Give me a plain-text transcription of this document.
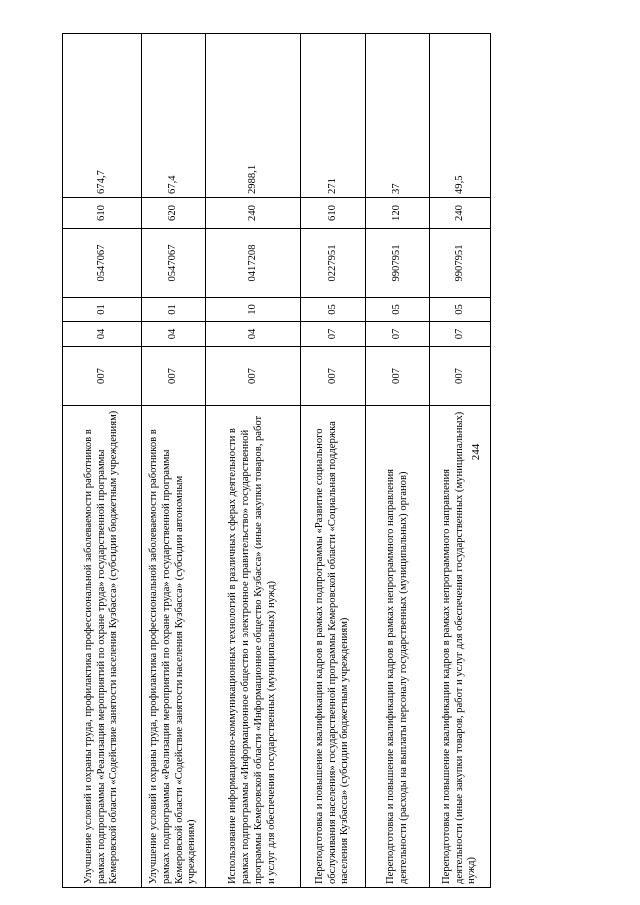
244
Улучшение условий и охраны труда, профилактика профессиональной заболеваемости работников в рамках подпрограммы «Реализация мероприятий по охране труда» государственной программы Кемеровской области «Содействие занятости населения Кузбасса» (субсидии бюджетным учреждениям)	007	04	01	0547067	610	674,7
Улучшение условий и охраны труда, профилактика профессиональной заболеваемости работников в рамках подпрограммы «Реализация мероприятий по охране труда» государственной программы Кемеровской области «Содействие занятости населения Кузбасса» (субсидии автономным учреждениям)	007	04	01	0547067	620	67,4
Использование информационно-коммуникационных технологий в различных сферах деятельности в рамках подпрограммы «Информационное общество и электронное правительство» государственной программы Кемеровской области «Информационное общество Кузбасса» (иные закупки товаров, работ и услуг для обеспечения государственных (муниципальных) нужд)	007	04	10	0417208	240	2988,1
Переподготовка и повышение квалификации кадров в рамках подпрограммы «Развитие социального обслуживания населения» государственной программы Кемеровской области «Социальная поддержка населения Кузбасса» (субсидии бюджетным учреждениям)	007	07	05	0227951	610	271
Переподготовка и повышение квалификации кадров в рамках непрограммного направления деятельности (расходы на выплаты персоналу государственных (муниципальных) органов)	007	07	05	9907951	120	37
Переподготовка и повышение квалификации кадров в рамках непрограммного направления деятельности (иные закупки товаров, работ и услуг для обеспечения государственных (муниципальных) нужд)	007	07	05	9907951	240	49,5
